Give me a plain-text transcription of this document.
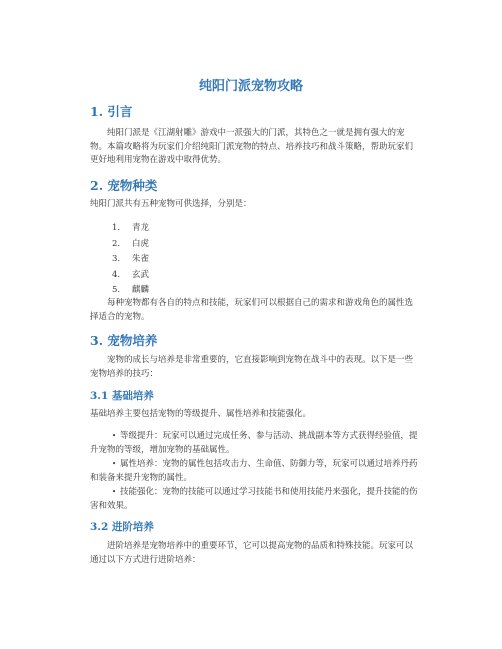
纯阳门派宠物攻略
1. 引言

纯阳门派是《江湖射雕》游戏中一派强大的门派，其特色之一就是拥有强大的宠物。本篇攻略将为玩家们介绍纯阳门派宠物的特点、培养技巧和战斗策略，帮助玩家们更好地利用宠物在游戏中取得优势。

2. 宠物种类

纯阳门派共有五种宠物可供选择，分别是：

1. 青龙
2. 白虎
3. 朱雀
4. 玄武
5. 麒麟

每种宠物都有各自的特点和技能，玩家们可以根据自己的需求和游戏角色的属性选择适合的宠物。

3. 宠物培养

宠物的成长与培养是非常重要的，它直接影响到宠物在战斗中的表现。以下是一些宠物培养的技巧：

3.1 基础培养

基础培养主要包括宠物的等级提升、属性培养和技能强化。

• 等级提升：玩家可以通过完成任务、参与活动、挑战副本等方式获得经验值，提升宠物的等级，增加宠物的基础属性。
• 属性培养：宠物的属性包括攻击力、生命值、防御力等，玩家可以通过培养丹药和装备来提升宠物的属性。
• 技能强化：宠物的技能可以通过学习技能书和使用技能丹来强化，提升技能的伤害和效果。
3.2 进阶培养

进阶培养是宠物培养中的重要环节，它可以提高宠物的品质和特殊技能。玩家可以通过以下方式进行进阶培养：
